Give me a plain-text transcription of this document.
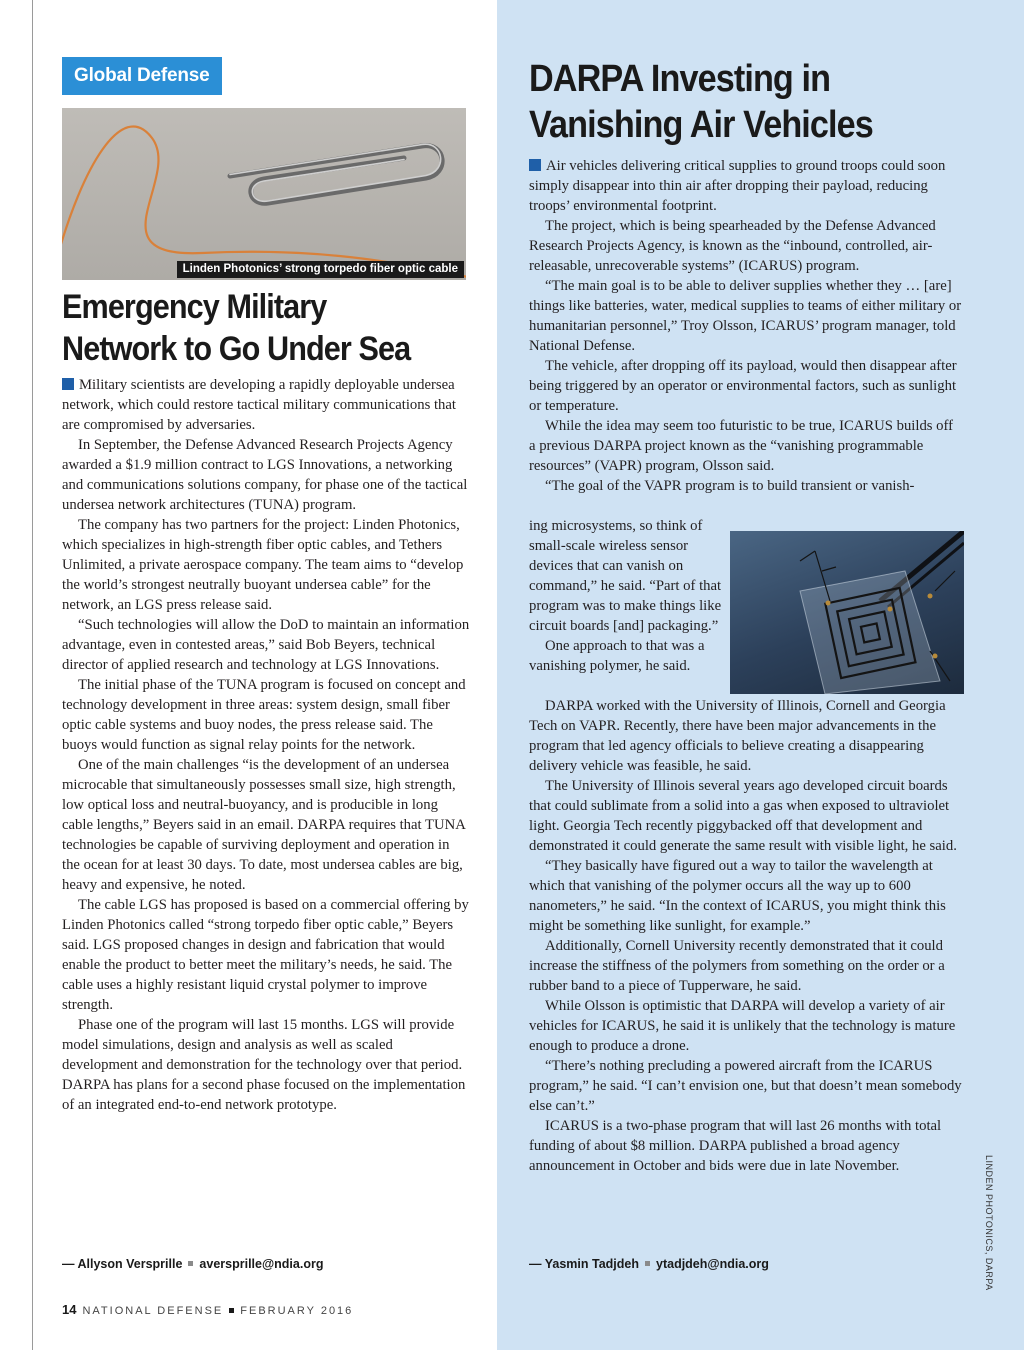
Global Defense
Linden Photonics’ strong torpedo fiber optic cable
Emergency Military
Network to Go Under Sea

Military scientists are developing a rapidly deployable undersea network, which could restore tactical military communications that are compromised by adversaries.

In September, the Defense Advanced Research Projects Agency awarded a $1.9 million contract to LGS Innovations, a networking and communications solutions company, for phase one of the tactical undersea network architectures (TUNA) program.

The company has two partners for the project: Linden Photonics, which specializes in high-strength fiber optic cables, and Tethers Unlimited, a private aerospace company. The team aims to “develop the world’s strongest neutrally buoyant undersea cable” for the network, an LGS press release said.

“Such technologies will allow the DoD to maintain an information advantage, even in contested areas,” said Bob Beyers, technical director of applied research and technology at LGS Innovations.

The initial phase of the TUNA program is focused on concept and technology development in three areas: system design, small fiber optic cable systems and buoy nodes, the press release said. The buoys would function as signal relay points for the network.

One of the main challenges “is the development of an undersea microcable that simultaneously possesses small size, high strength, low optical loss and neutral-buoyancy, and is producible in long cable lengths,” Beyers said in an email. DARPA requires that TUNA technologies be capable of surviving deployment and operation in the ocean for at least 30 days. To date, most undersea cables are big, heavy and expensive, he noted.

The cable LGS has proposed is based on a commercial offering by Linden Photonics called “strong torpedo fiber optic cable,” Beyers said. LGS proposed changes in design and fabrication that would enable the product to better meet the military’s needs, he said. The cable uses a highly resistant liquid crystal polymer to improve strength.

Phase one of the program will last 15 months. LGS will provide model simulations, design and analysis as well as scaled development and demonstration for the technology over that period. DARPA has plans for a second phase focused on the implementation of an integrated end-to-end network prototype.

— Allyson Versprille aversprille@ndia.org
DARPA Investing in
Vanishing Air Vehicles

Air vehicles delivering critical supplies to ground troops could soon simply disappear into thin air after dropping their payload, reducing troops’ environmental footprint.

The project, which is being spearheaded by the Defense Advanced Research Projects Agency, is known as the “inbound, controlled, air-releasable, unrecoverable systems” (ICARUS) program.

“The main goal is to be able to deliver supplies whether they … [are] things like batteries, water, medical supplies to teams of either military or humanitarian personnel,” Troy Olsson, ICARUS’ program manager, told National Defense.

The vehicle, after dropping off its payload, would then disappear after being triggered by an operator or environmental factors, such as sunlight or temperature.

While the idea may seem too futuristic to be true, ICARUS builds off a previous DARPA project known as the “vanishing programmable resources” (VAPR) program, Olsson said.

“The goal of the VAPR program is to build transient or vanish-

ing microsystems, so think of small-scale wireless sensor devices that can vanish on command,” he said. “Part of that program was to make things like circuit boards [and] packaging.”

One approach to that was a vanishing polymer, he said.

DARPA worked with the University of Illinois, Cornell and Georgia Tech on VAPR. Recently, there have been major advancements in the program that led agency officials to believe creating a disappearing delivery vehicle was feasible, he said.

The University of Illinois several years ago developed circuit boards that could sublimate from a solid into a gas when exposed to ultraviolet light. Georgia Tech recently piggybacked off that development and demonstrated it could generate the same result with visible light, he said.

“They basically have figured out a way to tailor the wavelength at which that vanishing of the polymer occurs all the way up to 600 nanometers,” he said. “In the context of ICARUS, you might think this might be something like sunlight, for example.”

Additionally, Cornell University recently demonstrated that it could increase the stiffness of the polymers from something on the order or a rubber band to a piece of Tupperware, he said.

While Olsson is optimistic that DARPA will develop a variety of air vehicles for ICARUS, he said it is unlikely that the technology is mature enough to produce a drone.

“There’s nothing precluding a powered aircraft from the ICARUS program,” he said. “I can’t envision one, but that doesn’t mean somebody else can’t.”

ICARUS is a two-phase program that will last 26 months with total funding of about $8 million. DARPA published a broad agency announcement in October and bids were due in late November.

— Yasmin Tadjdeh ytadjdeh@ndia.org	LINDEN PHOTONICS, DARPA
14 NATIONAL DEFENSE FEBRUARY 2016
